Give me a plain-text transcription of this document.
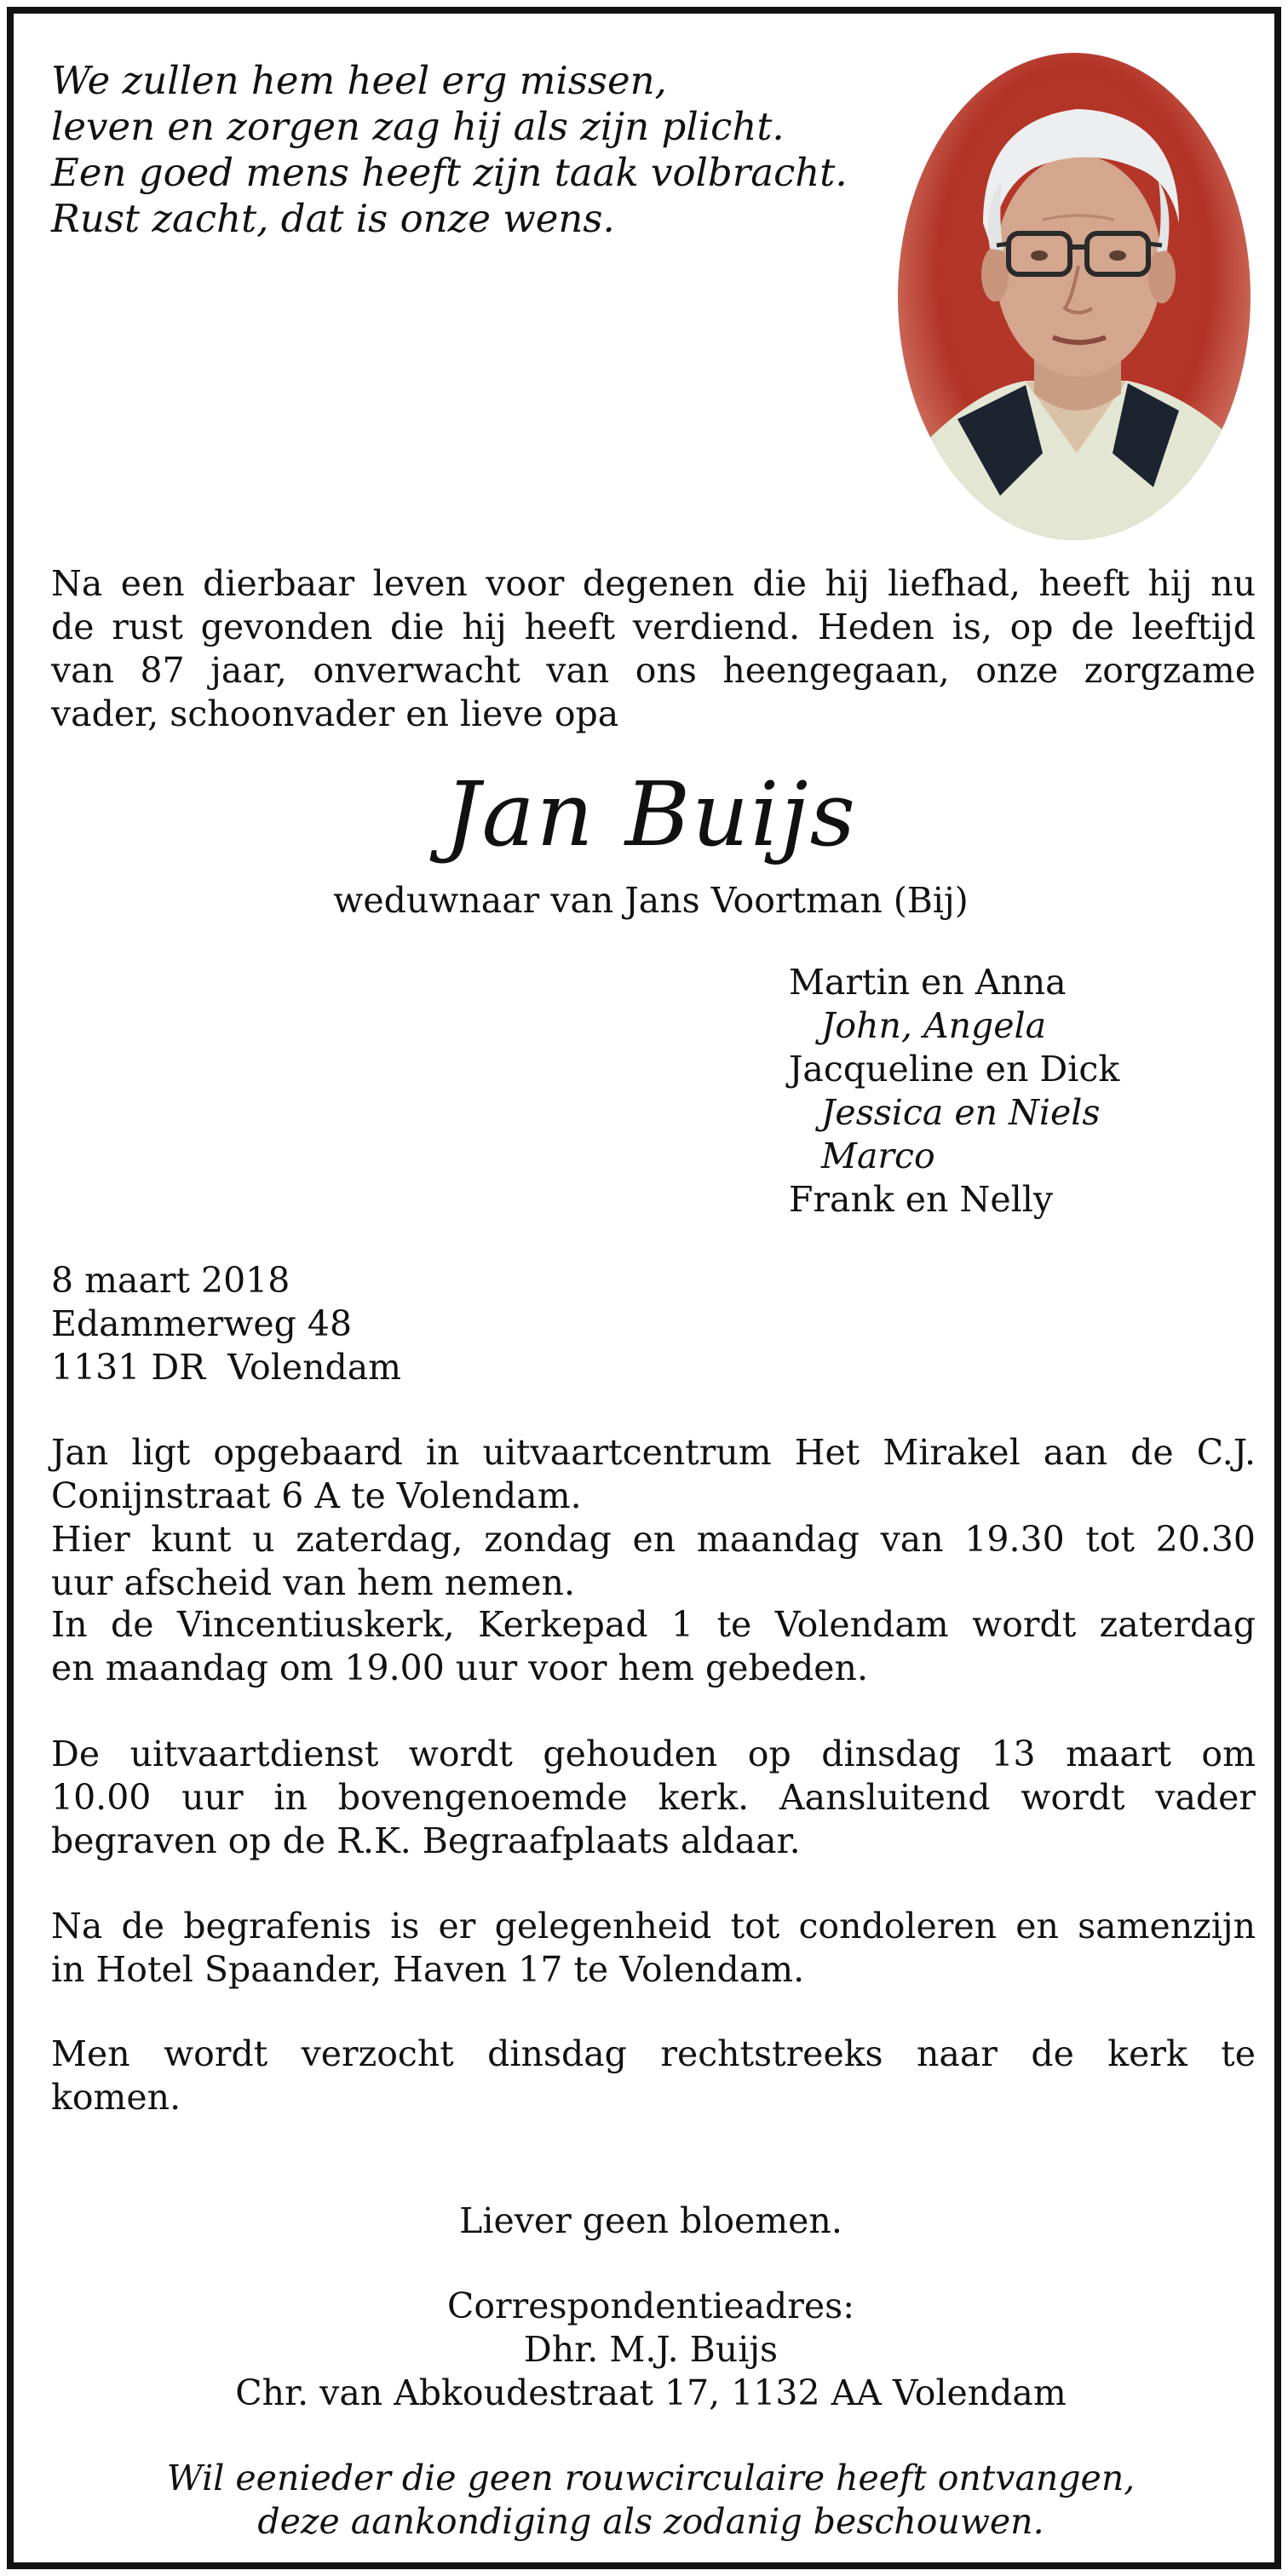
We zullen hem heel erg missen,
leven en zorgen zag hij als zijn plicht.
Een goed mens heeft zijn taak volbracht.
Rust zacht, dat is onze wens.
Na een dierbaar leven voor degenen die hij liefhad, heeft hij nu
de rust gevonden die hij heeft verdiend. Heden is, op de leeftijd
van 87 jaar, onverwacht van ons heengegaan, onze zorgzame
vader, schoonvader en lieve opa
Jan Buijs
weduwnaar van Jans Voortman (Bij)
Martin en Anna
John, Angela
Jacqueline en Dick
Jessica en Niels
Marco
Frank en Nelly
8 maart 2018
Edammerweg 48
1131 DR  Volendam
Jan ligt opgebaard in uitvaartcentrum Het Mirakel aan de C.J.
Conijnstraat 6 A te Volendam.
Hier kunt u zaterdag, zondag en maandag van 19.30 tot 20.30
uur afscheid van hem nemen.
In de Vincentiuskerk, Kerkepad 1 te Volendam wordt zaterdag
en maandag om 19.00 uur voor hem gebeden.
De uitvaartdienst wordt gehouden op dinsdag 13 maart om
10.00 uur in bovengenoemde kerk. Aansluitend wordt vader
begraven op de R.K. Begraafplaats aldaar.
Na de begrafenis is er gelegenheid tot condoleren en samenzijn
in Hotel Spaander, Haven 17 te Volendam.
Men wordt verzocht dinsdag rechtstreeks naar de kerk te
komen.
Liever geen bloemen.
Correspondentieadres:
Dhr. M.J. Buijs
Chr. van Abkoudestraat 17, 1132 AA Volendam
Wil eenieder die geen rouwcirculaire heeft ontvangen,
deze aankondiging als zodanig beschouwen.
